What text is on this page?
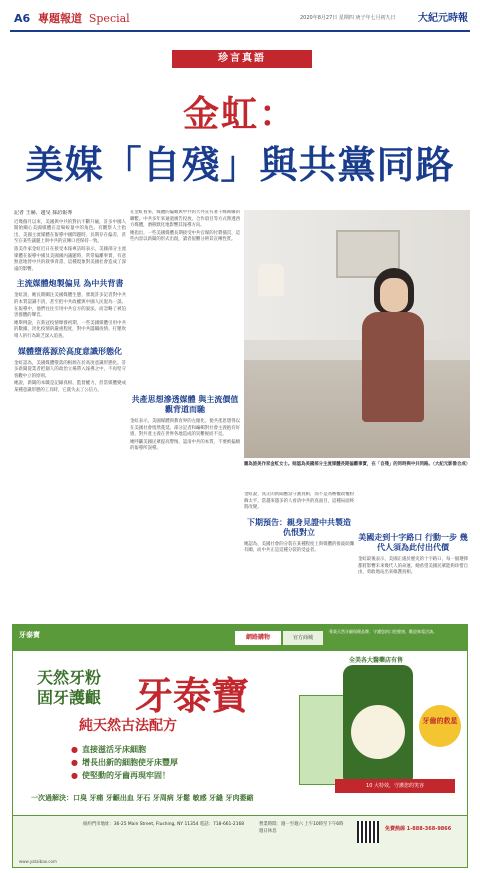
A6 專題報道 Special	2020年8月27日 星期四 庚子年七月初九日 大紀元時報
珍言真語
金虹：
美媒「自殘」與共黨同路
記者 王赫、趙旻 採訪報導

近幾個月以來，美國與中共的對抗不斷升級，許多中國人開始關心美國媒體在這場較量中的角色。有觀察人士指出，美國主流媒體在報導中國問題時，長期存在偏差，甚至在某些議題上與中共的宣傳口徑保持一致。

旅美作家金虹近日在接受本報專訪時表示，美國部分主流媒體在報導中國及美國國內議題時，常常偏離事實，有意無意地替中共的敘事背書，這種現象對美國社會造成了深遠的影響。

主流媒體炮製偏見 為中共背書

金虹說，她長期關注美國媒體生態，發現許多記者對中共的本質認識不清，甚至把中共政權與中國人民混為一談。在報導中，他們往往引用中共官方的說法，而忽略了被迫害群體的聲音。

她舉例說，在新冠疫情爆發初期，一些美國媒體引用中共的數據，淡化疫情的嚴重程度，對中共隱瞞疫情、打壓吹哨人的行為缺乏深入追查。

媒體墮落源於高度意識形態化

金虹認為，美國媒體墮落的根源在於高度意識形態化。許多新聞從業者把個人的政治立場帶入報導之中，不再堅守客觀中立的原則。

她說，新聞的本職是記錄真相、監督權力，但當媒體變成某種意識形態的工具時，它就失去了公信力。

在金虹看來，媒體的偏頗與中共的大外宣有著千絲萬縷的聯繫。中共多年來通過廣告投放、合作項目等方式滲透西方媒體，潛移默化地影響其報導方向。

她指出，一些美國媒體長期接受中共官媒的付費插頁，這些內容以新聞的形式出現，讀者很難分辨其宣傳性質。

共產思想滲透媒體 與主流價值觀背道而馳

金虹表示，美國媒體與教育界的左傾化，使共產思想得以在美國社會悄然蔓延。部分記者和編輯對社會主義抱有好感，對共產主義在世界各地造成的災難視而不見。

她呼籲美國民眾提高警惕，認清中共的本質，不要被偏頗的報導所誤導。

圖為旅美作家金虹女士。她認為美國部分主流媒體長期偏離事實，在「自殘」的同時與中共同路。（大紀元影像合成）

金虹說，真正的新聞應當守護真相，而不是為極權政權粉飾太平。當越來越多的人看清中共的真面目，這種局面終將改變。

下期預告：親身見證中共製造仇恨對立

她認為，美國社會的分裂在某種程度上與媒體的推波助瀾有關，而中共正是這種分裂的受益者。

美國走到十字路口 行動一步 幾代人須為此付出代價

金虹最後表示，美國正處於歷史的十字路口，每一個選擇都將影響未來幾代人的命運。她希望美國民眾能夠珍惜自由，勇敢地站出來維護真相。

牙泰寶	網路購物	官方商城
專業天然牙齦保健品牌，守護您的口腔健康，歡迎來電洽詢。
天然牙粉
固牙護齦 牙泰寶
純天然古法配方
● 直接滋活牙床細胞
● 增長出新的細胞使牙床豐厚
● 使堅動的牙齒再現牢固！
全美各大醫藥店有售
牙齒的救星
10 大特效，守護您的笑容
一次過解決：口臭 牙痛 牙齦出血 牙石 牙周病 牙鬆 敏感 牙縫 牙肉萎縮
紐約門市地址：36-25 Main Street, Flushing, NY 11354 電話：718-661-2168	營業時間：週一至週六 上午10時至下午6時 週日休息	免費熱線 1-888-368-9866
www.yataibao.com
